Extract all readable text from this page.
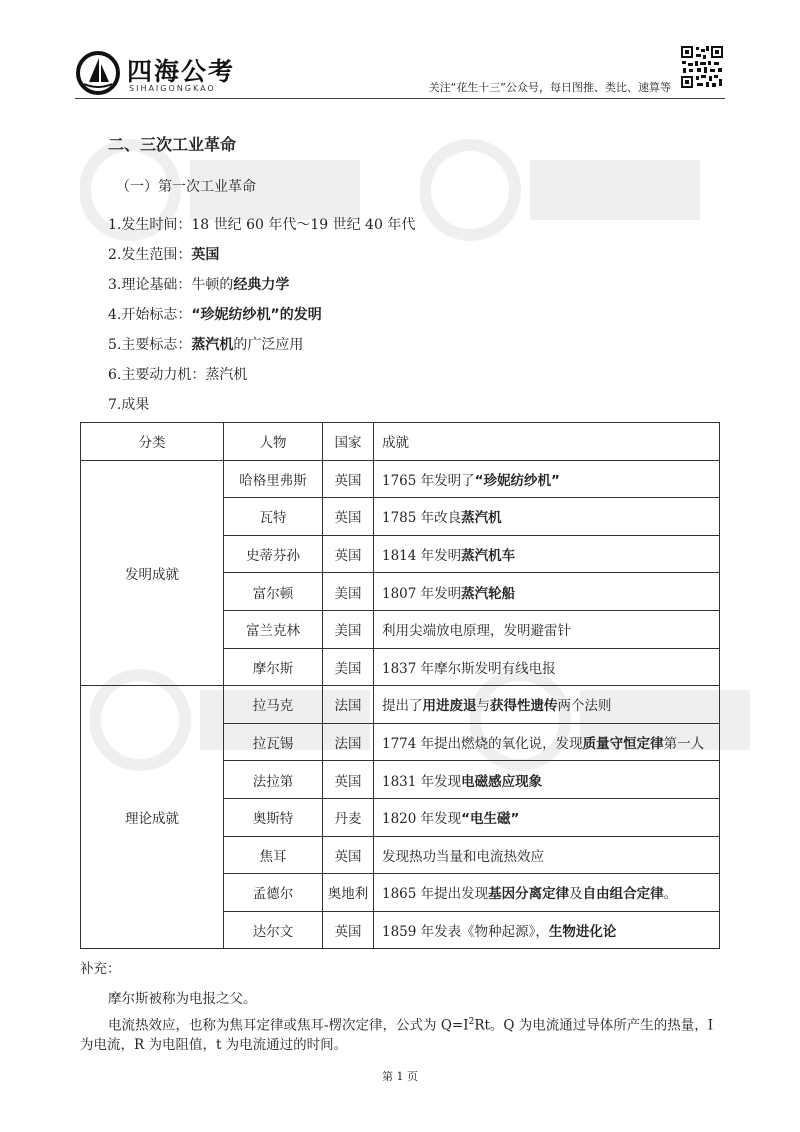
四海公考
SIHAIGONGKAO	关注“花生十三”公众号，每日图推、类比、速算等
二、三次工业革命
（一）第一次工业革命
1.发生时间：18 世纪 60 年代～19 世纪 40 年代
2.发生范围：英国
3.理论基础：牛顿的经典力学
4.开始标志：“珍妮纺纱机”的发明
5.主要标志：蒸汽机的广泛应用
6.主要动力机：蒸汽机
7.成果
分类	人物	国家	成就
发明成就	哈格里弗斯	英国	1765 年发明了“珍妮纺纱机”
	瓦特	英国	1785 年改良蒸汽机
	史蒂芬孙	英国	1814 年发明蒸汽机车
	富尔顿	美国	1807 年发明蒸汽轮船
	富兰克林	美国	利用尖端放电原理，发明避雷针
	摩尔斯	美国	1837 年摩尔斯发明有线电报
理论成就	拉马克	法国	提出了用进废退与获得性遗传两个法则
	拉瓦锡	法国	1774 年提出燃烧的氧化说，发现质量守恒定律第一人
	法拉第	英国	1831 年发现电磁感应现象
	奥斯特	丹麦	1820 年发现“电生磁”
	焦耳	英国	发现热功当量和电流热效应
	孟德尔	奥地利	1865 年提出发现基因分离定律及自由组合定律。
	达尔文	英国	1859 年发表《物种起源》，生物进化论
补充：
摩尔斯被称为电报之父。
电流热效应，也称为焦耳定律或焦耳-楞次定律，公式为 $Q=I^2Rt$。Q 为电流通过导体所产生的热量，I
为电流，R 为电阻值，t 为电流通过的时间。
第 1 页
